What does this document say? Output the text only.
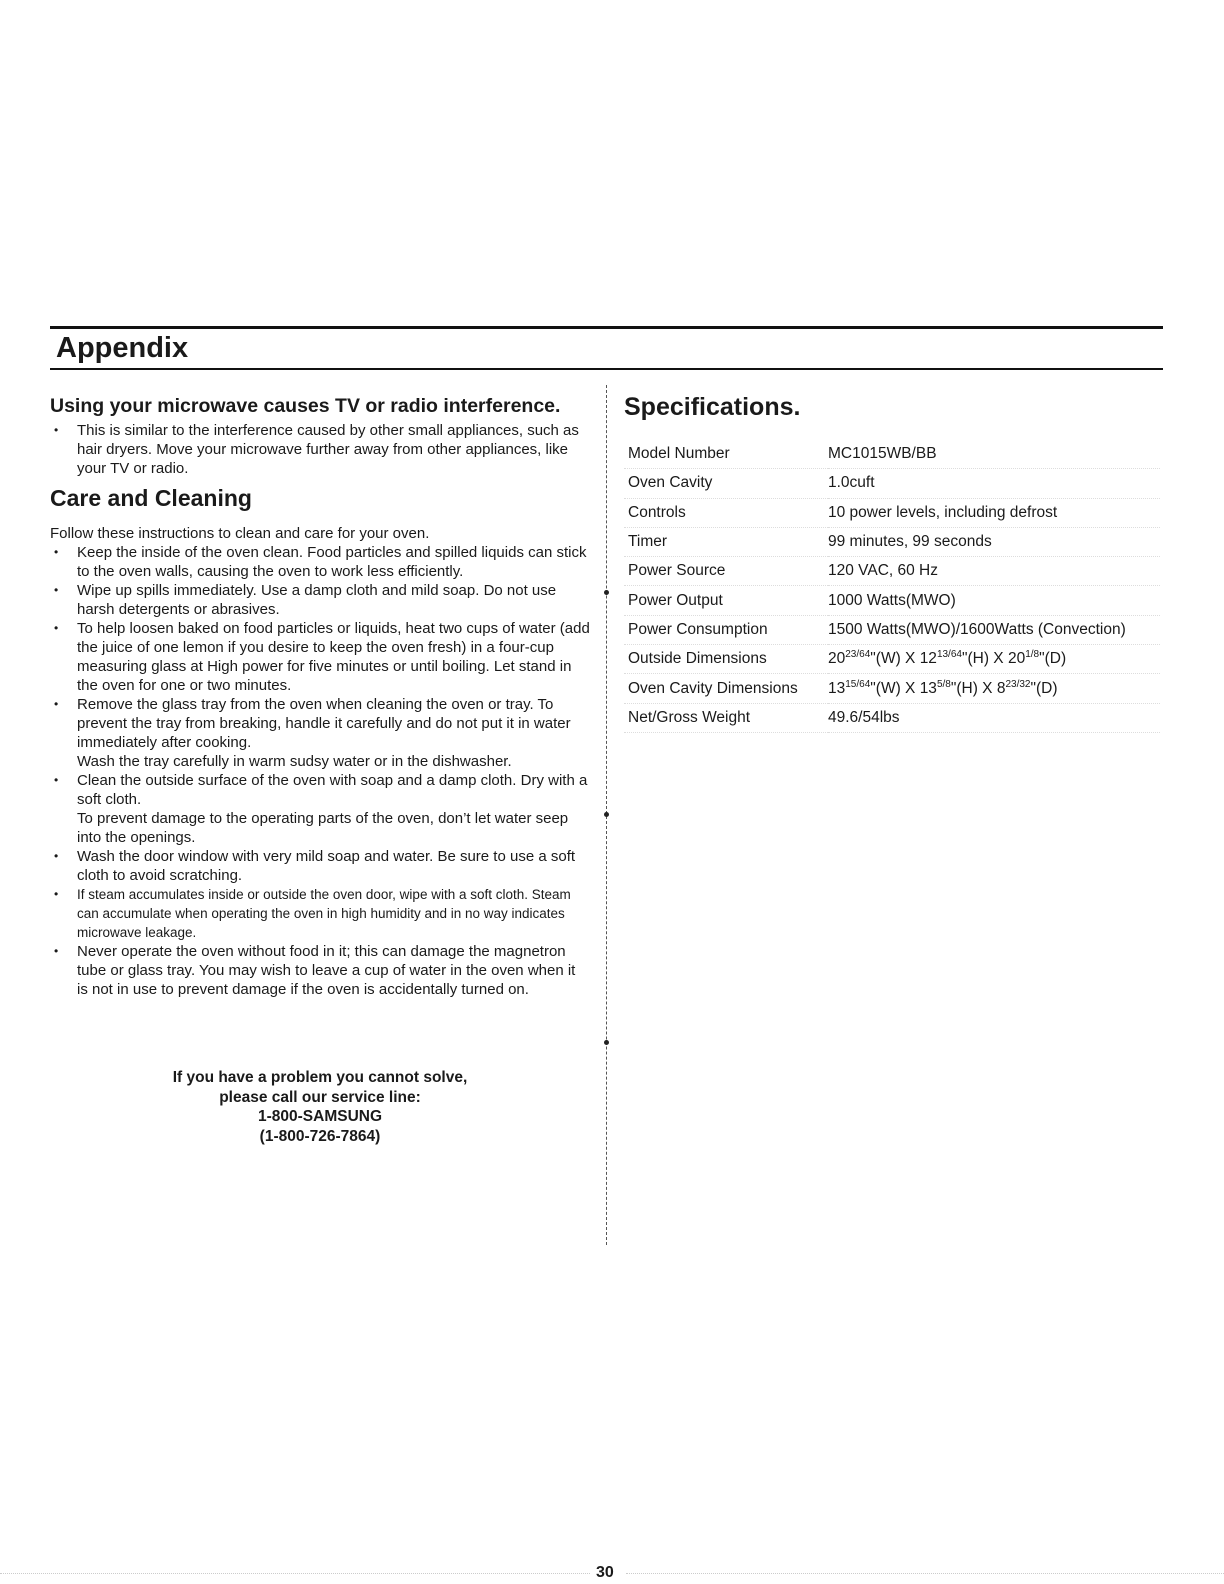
Appendix
Using your microwave causes TV or radio interference.
• This is similar to the interference caused by other small appliances, such as hair dryers. Move your microwave further away from other appliances, like your TV or radio.
Care and Cleaning

Follow these instructions to clean and care for your oven.

• Keep the inside of the oven clean. Food particles and spilled liquids can stick to the oven walls, causing the oven to work less efficiently.
• Wipe up spills immediately. Use a damp cloth and mild soap. Do not use harsh detergents or abrasives.
• To help loosen baked on food particles or liquids, heat two cups of water (add the juice of one lemon if you desire to keep the oven fresh) in a four-cup measuring glass at High power for five minutes or until boiling. Let stand in the oven for one or two minutes.
• Remove the glass tray from the oven when cleaning the oven or tray. To prevent the tray from breaking, handle it carefully and do not put it in water immediately after cooking.
Wash the tray carefully in warm sudsy water or in the dishwasher.
• Clean the outside surface of the oven with soap and a damp cloth. Dry with a soft cloth.
To prevent damage to the operating parts of the oven, don’t let water seep into the openings.
• Wash the door window with very mild soap and water. Be sure to use a soft cloth to avoid scratching.
• If steam accumulates inside or outside the oven door, wipe with a soft cloth. Steam can accumulate when operating the oven in high humidity and in no way indicates microwave leakage.
• Never operate the oven without food in it; this can damage the magnetron tube or glass tray. You may wish to leave a cup of water in the oven when it is not in use to prevent damage if the oven is accidentally turned on.
If you have a problem you cannot solve,
please call our service line:
1-800-SAMSUNG
(1-800-726-7864)
Specifications.
Model Number	MC1015WB/BB
Oven Cavity	1.0cuft
Controls	10 power levels, including defrost
Timer	99 minutes, 99 seconds
Power Source	120 VAC, 60 Hz
Power Output	1000 Watts(MWO)
Power Consumption	1500 Watts(MWO)/1600Watts (Convection)
Outside Dimensions	$20^{23/64}"(W)$ X $12^{13/64}"(H)$ X $20^{1/8}"(D)$
Oven Cavity Dimensions	$13^{15/64}"(W)$ X $13^{5/8}"(H)$ X $8^{23/32}"(D)$
Net/Gross Weight	49.6/54lbs
30
